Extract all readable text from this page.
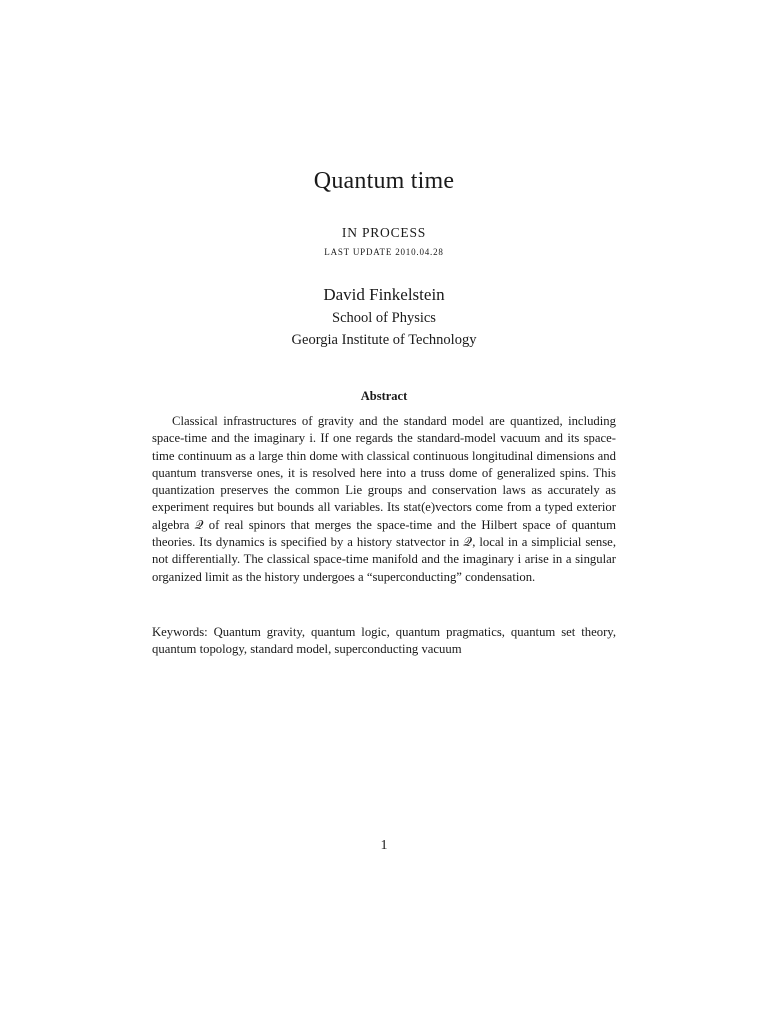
Quantum time
IN PROCESS
LAST UPDATE 2010.04.28
David Finkelstein
School of Physics
Georgia Institute of Technology
Abstract

Classical infrastructures of gravity and the standard model are quantized, including space-time and the imaginary i. If one regards the standard-model vacuum and its space-time continuum as a large thin dome with classical continuous longitudinal dimensions and quantum transverse ones, it is resolved here into a truss dome of generalized spins. This quantization preserves the common Lie groups and conservation laws as accurately as experiment requires but bounds all variables. Its stat(e)vectors come from a typed exterior algebra 𝒬 of real spinors that merges the space-time and the Hilbert space of quantum theories. Its dynamics is specified by a history statvector in 𝒬, local in a simplicial sense, not differentially. The classical space-time manifold and the imaginary i arise in a singular organized limit as the history undergoes a “superconducting” condensation.

Keywords: Quantum gravity, quantum logic, quantum pragmatics, quantum set theory, quantum topology, standard model, superconducting vacuum

1
